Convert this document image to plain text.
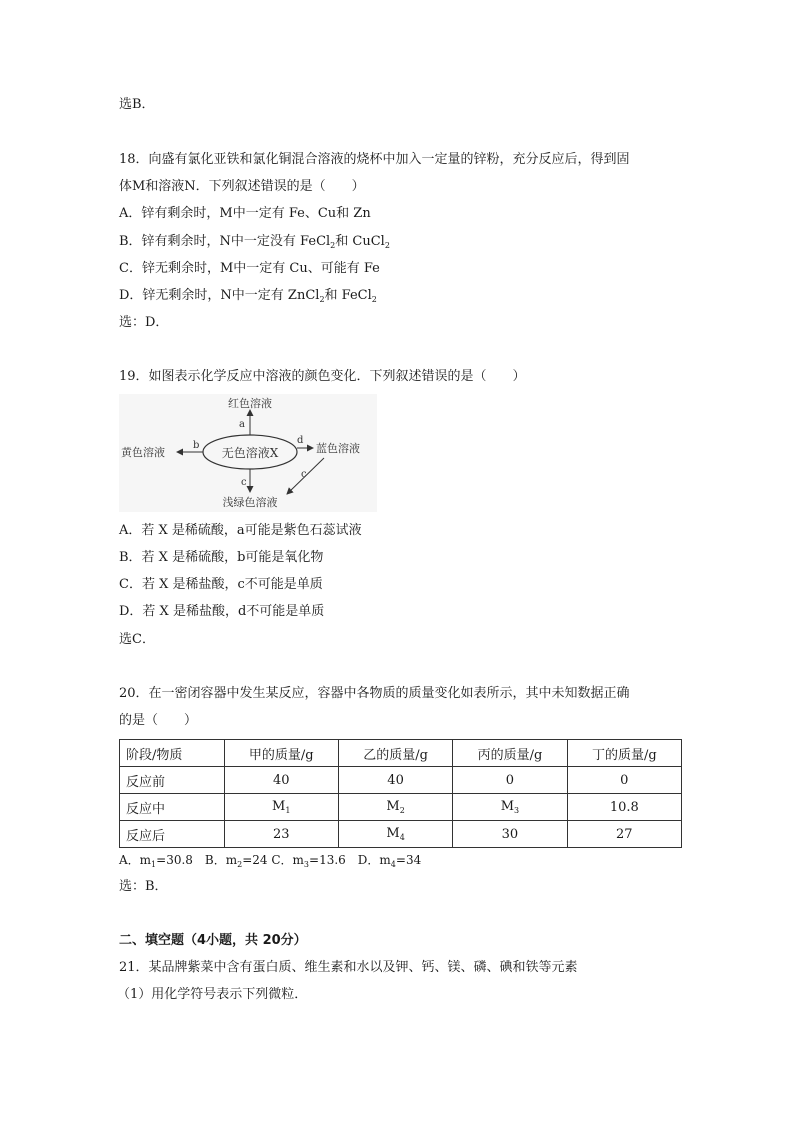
选B．
18．向盛有氯化亚铁和氯化铜混合溶液的烧杯中加入一定量的锌粉，充分反应后，得到固
体M和溶液N．下列叙述错误的是（　　）
A．锌有剩余时，M中一定有 Fe、Cu和 Zn
B．锌有剩余时，N中一定没有 FeCl$_2$和 CuCl$_2$
C．锌无剩余时，M中一定有 Cu、可能有 Fe
D．锌无剩余时，N中一定有 ZnCl$_2$和 FeCl$_2$
选：D．
19．如图表示化学反应中溶液的颜色变化．下列叙述错误的是（　　）
无色溶液X
红色溶液
a
黄色溶液
b	蓝色溶液
d
c
c
浅绿色溶液
A．若 X 是稀硫酸，a可能是紫色石蕊试液
B．若 X 是稀硫酸，b可能是氧化物
C．若 X 是稀盐酸，c不可能是单质
D．若 X 是稀盐酸，d不可能是单质
选C．
20．在一密闭容器中发生某反应，容器中各物质的质量变化如表所示，其中未知数据正确
的是（　　）
阶段/物质	甲的质量/g	乙的质量/g	丙的质量/g	丁的质量/g
反应前	40	40	0	0
反应中	$M_1$	$M_2$	$M_3$	10.8
反应后	23	$M_4$	30	27
A．$m_1=30.8$　B．$m_2=24$ C．$m_3=13.6$　D．$m_4=34$
选：B．
二、填空题（4小题，共 20分）
21．某品牌紫菜中含有蛋白质、维生素和水以及钾、钙、镁、磷、碘和铁等元素
（1）用化学符号表示下列微粒．
